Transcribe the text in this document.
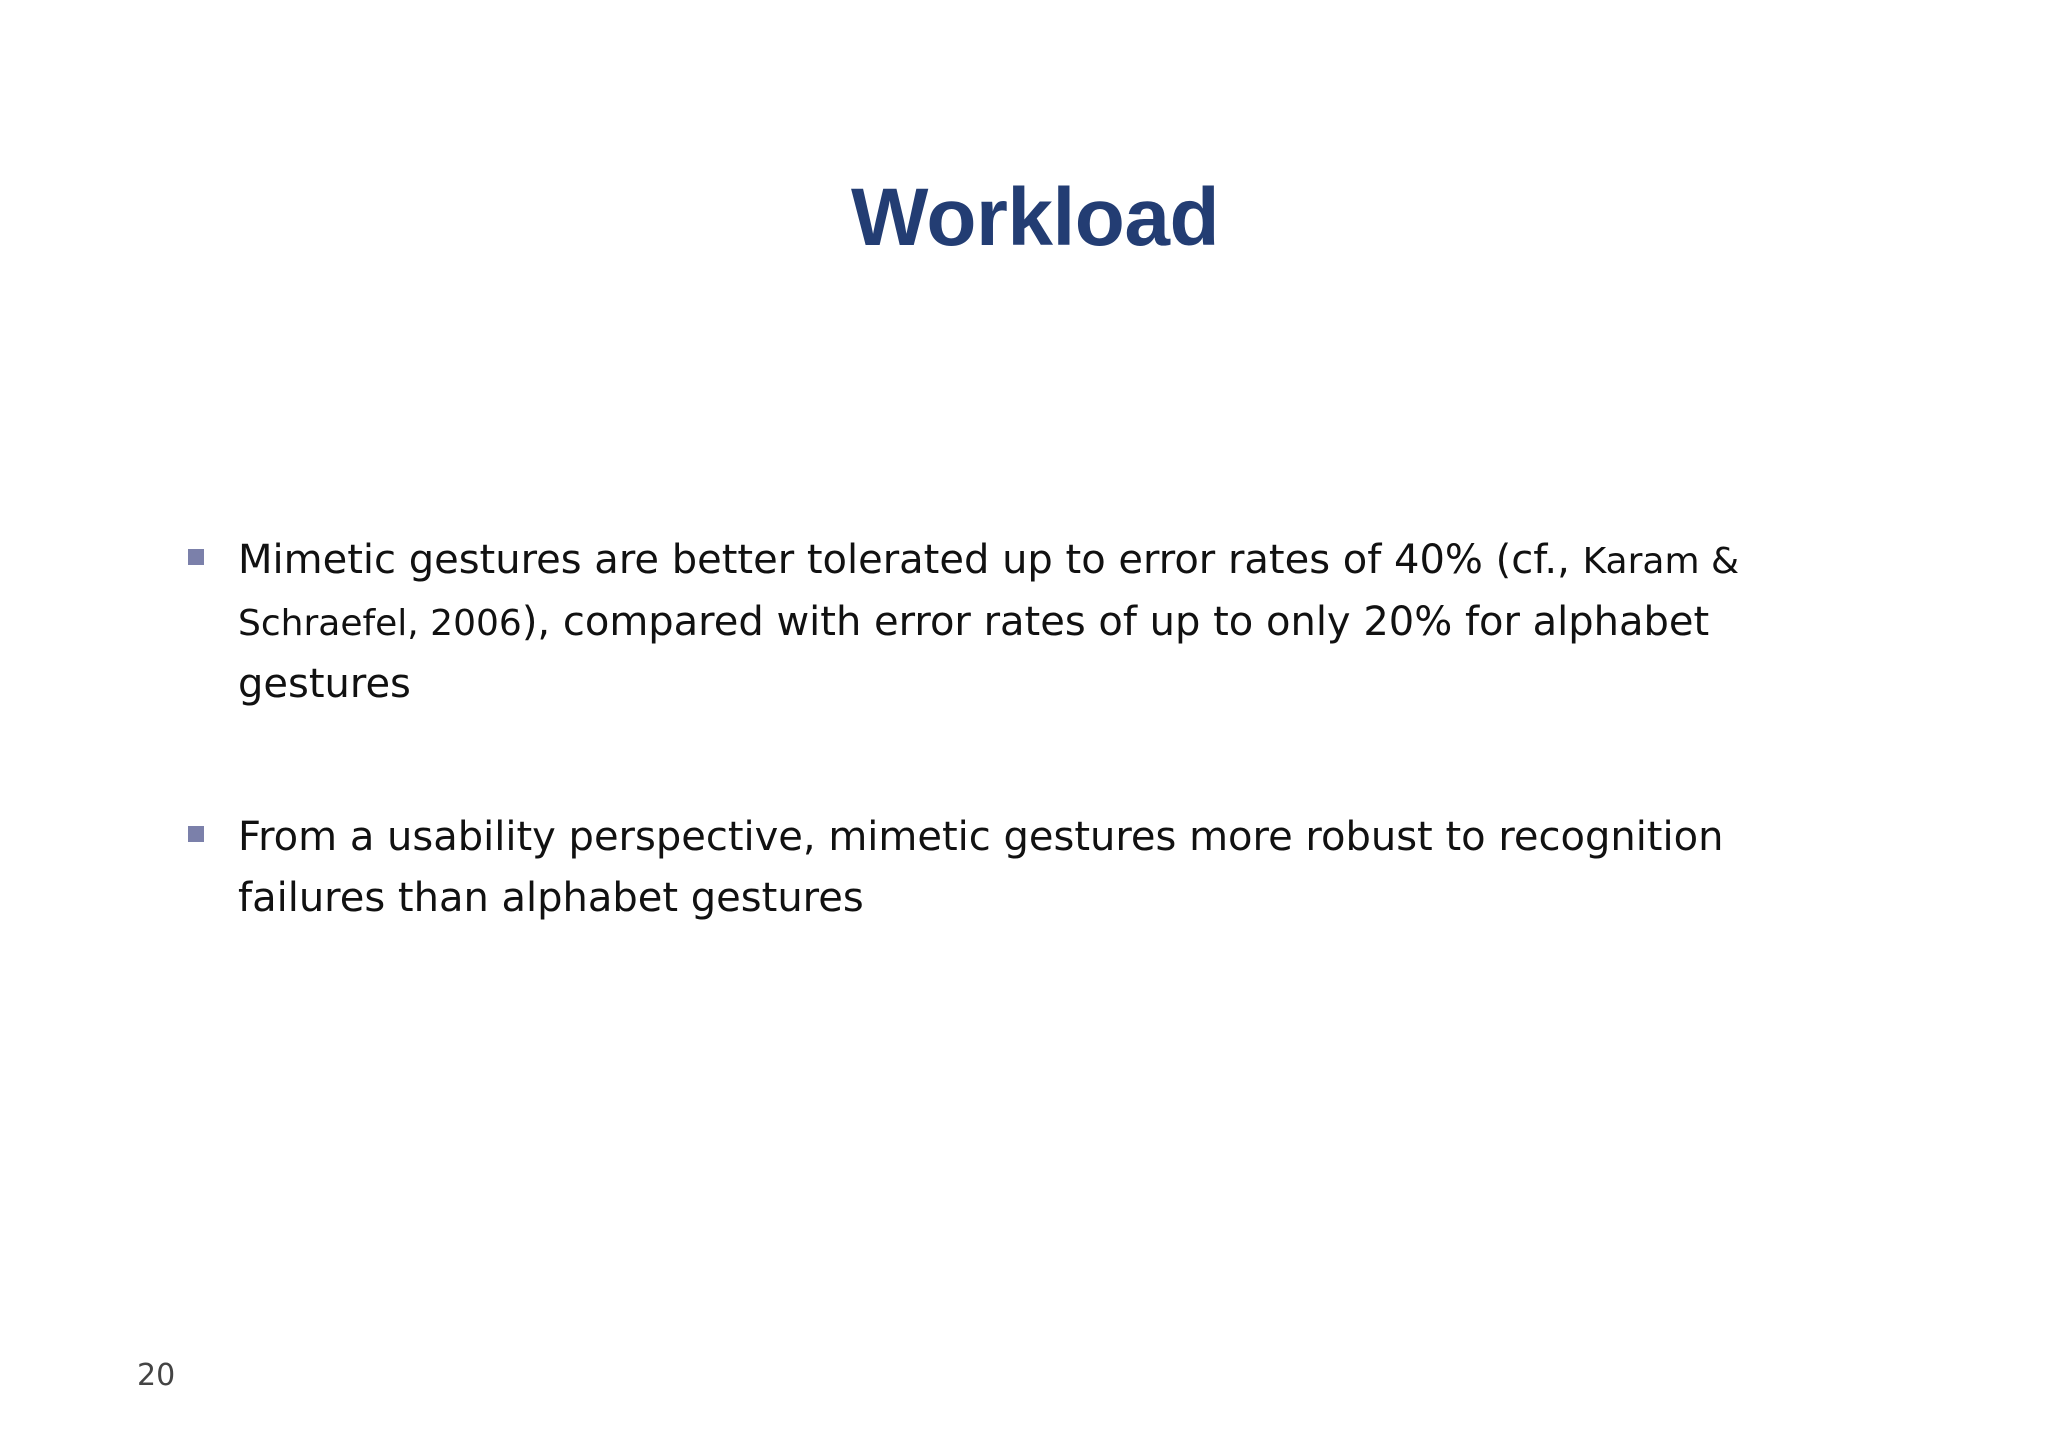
Workload
Mimetic gestures are better tolerated up to error rates of 40% (cf., Karam & Schraefel, 2006), compared with error rates of up to only 20% for alphabet gestures
From a usability perspective, mimetic gestures more robust to recognition failures than alphabet gestures
20
